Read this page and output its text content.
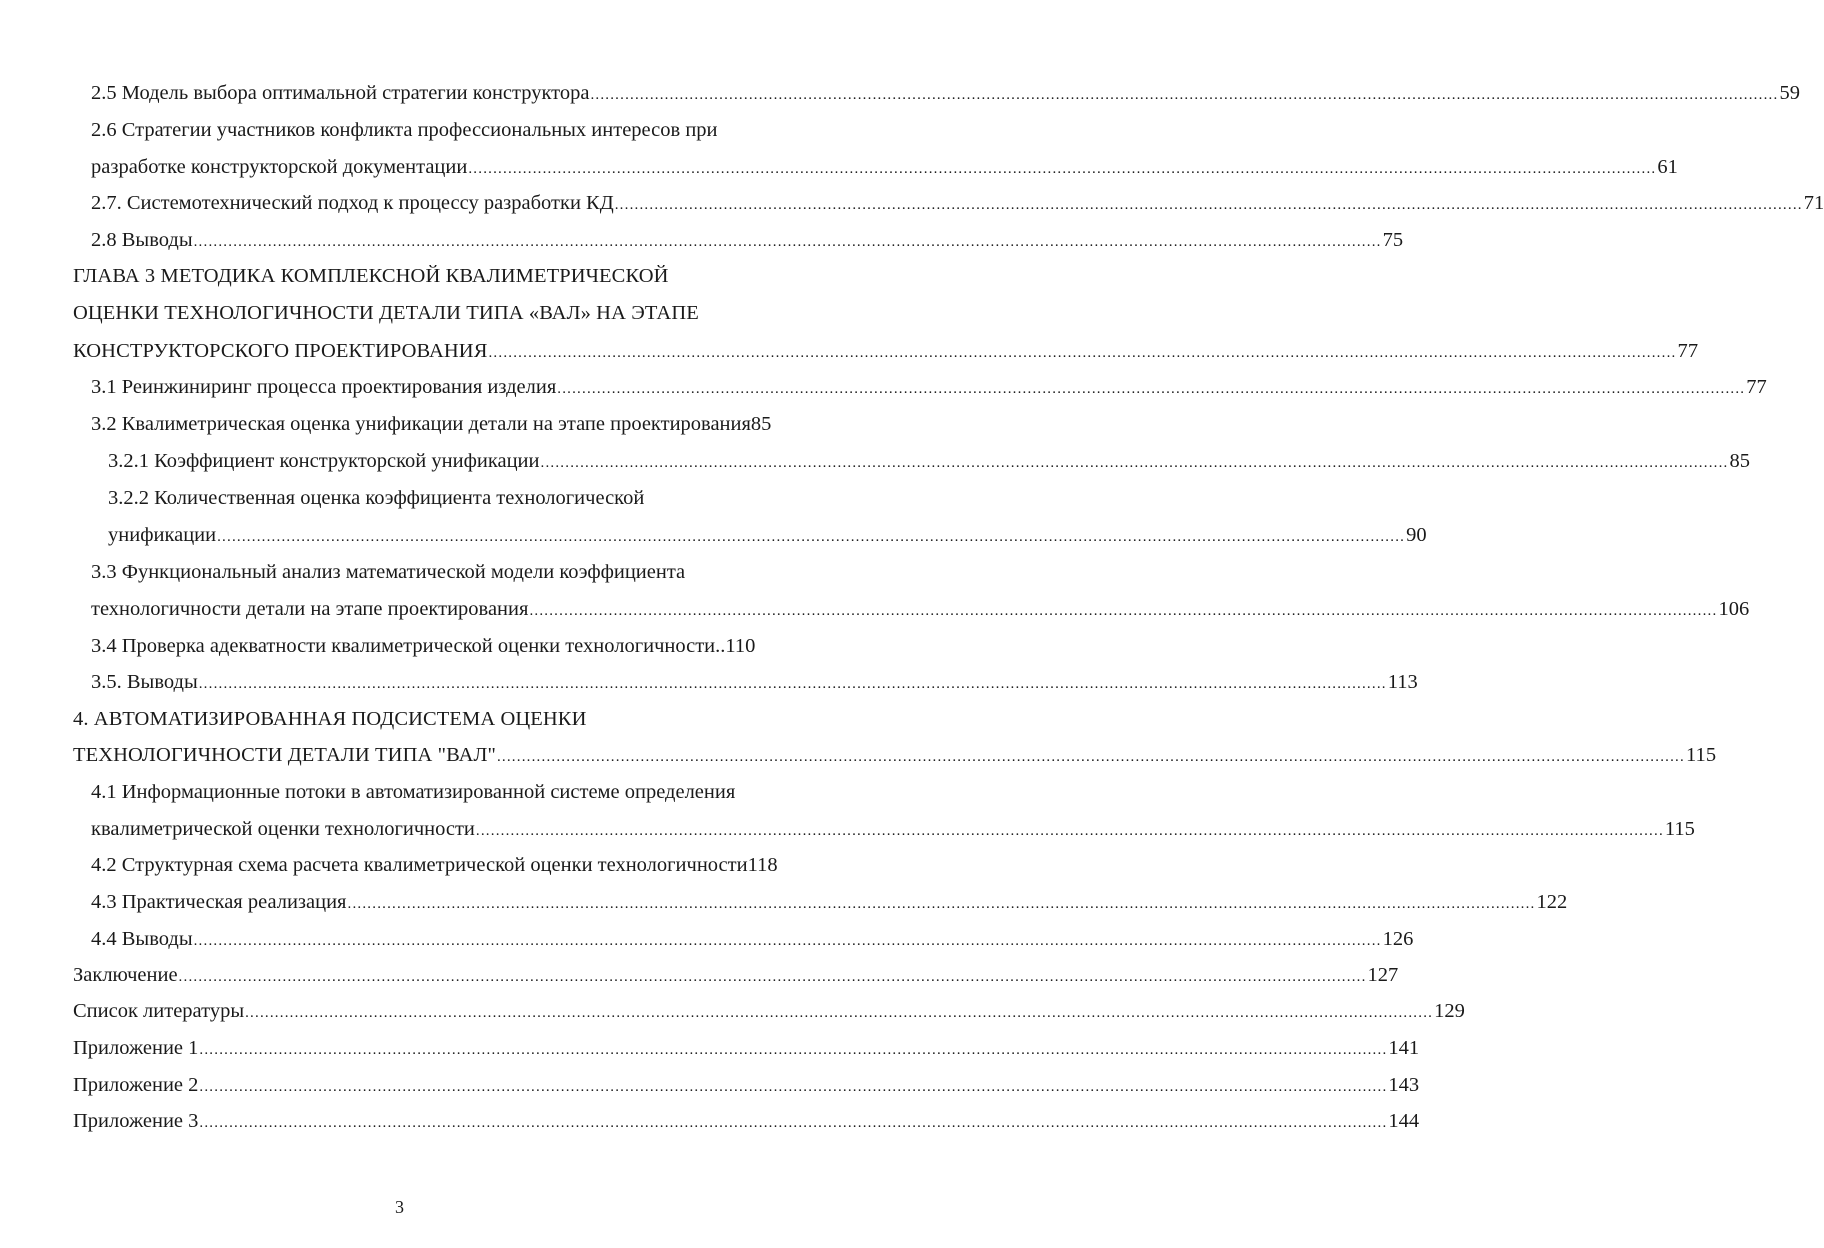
2.5 Модель выбора оптимальной стратегии конструктора .....	59
2.6 Стратегии участников конфликта профессиональных интересов при
разработке конструкторской документации .....	61
2.7. Системотехнический подход к процессу разработки КД .....	71
2.8 Выводы .....	75
ГЛАВА 3 МЕТОДИКА КОМПЛЕКСНОЙ КВАЛИМЕТРИЧЕСКОЙ
ОЦЕНКИ ТЕХНОЛОГИЧНОСТИ ДЕТАЛИ ТИПА «ВАЛ» НА ЭТАПЕ
КОНСТРУКТОРСКОГО ПРОЕКТИРОВАНИЯ .....	77
3.1 Реинжиниринг процесса проектирования изделия .....	77
3.2 Квалиметрическая оценка унификации детали на этапе проектирования 85
3.2.1 Коэффициент конструкторской унификации .....	85
3.2.2 Количественная оценка коэффициента технологической
унификации .....	90
3.3 Функциональный анализ математической модели коэффициента
технологичности детали на этапе проектирования .....	106
3.4 Проверка адекватности квалиметрической оценки технологичности .. 110
3.5. Выводы .....	113
4. АВТОМАТИЗИРОВАННАЯ ПОДСИСТЕМА ОЦЕНКИ
ТЕХНОЛОГИЧНОСТИ ДЕТАЛИ ТИПА "ВАЛ" .....	115
4.1 Информационные потоки в автоматизированной системе определения
квалиметрической оценки технологичности .....	115
4.2 Структурная схема расчета квалиметрической оценки технологичности 118
4.3 Практическая реализация .....	122
4.4 Выводы .....	126
Заключение .....	127
Список литературы .....	129
Приложение 1 .....	141
Приложение 2 .....	143
Приложение 3 .....	144
3
